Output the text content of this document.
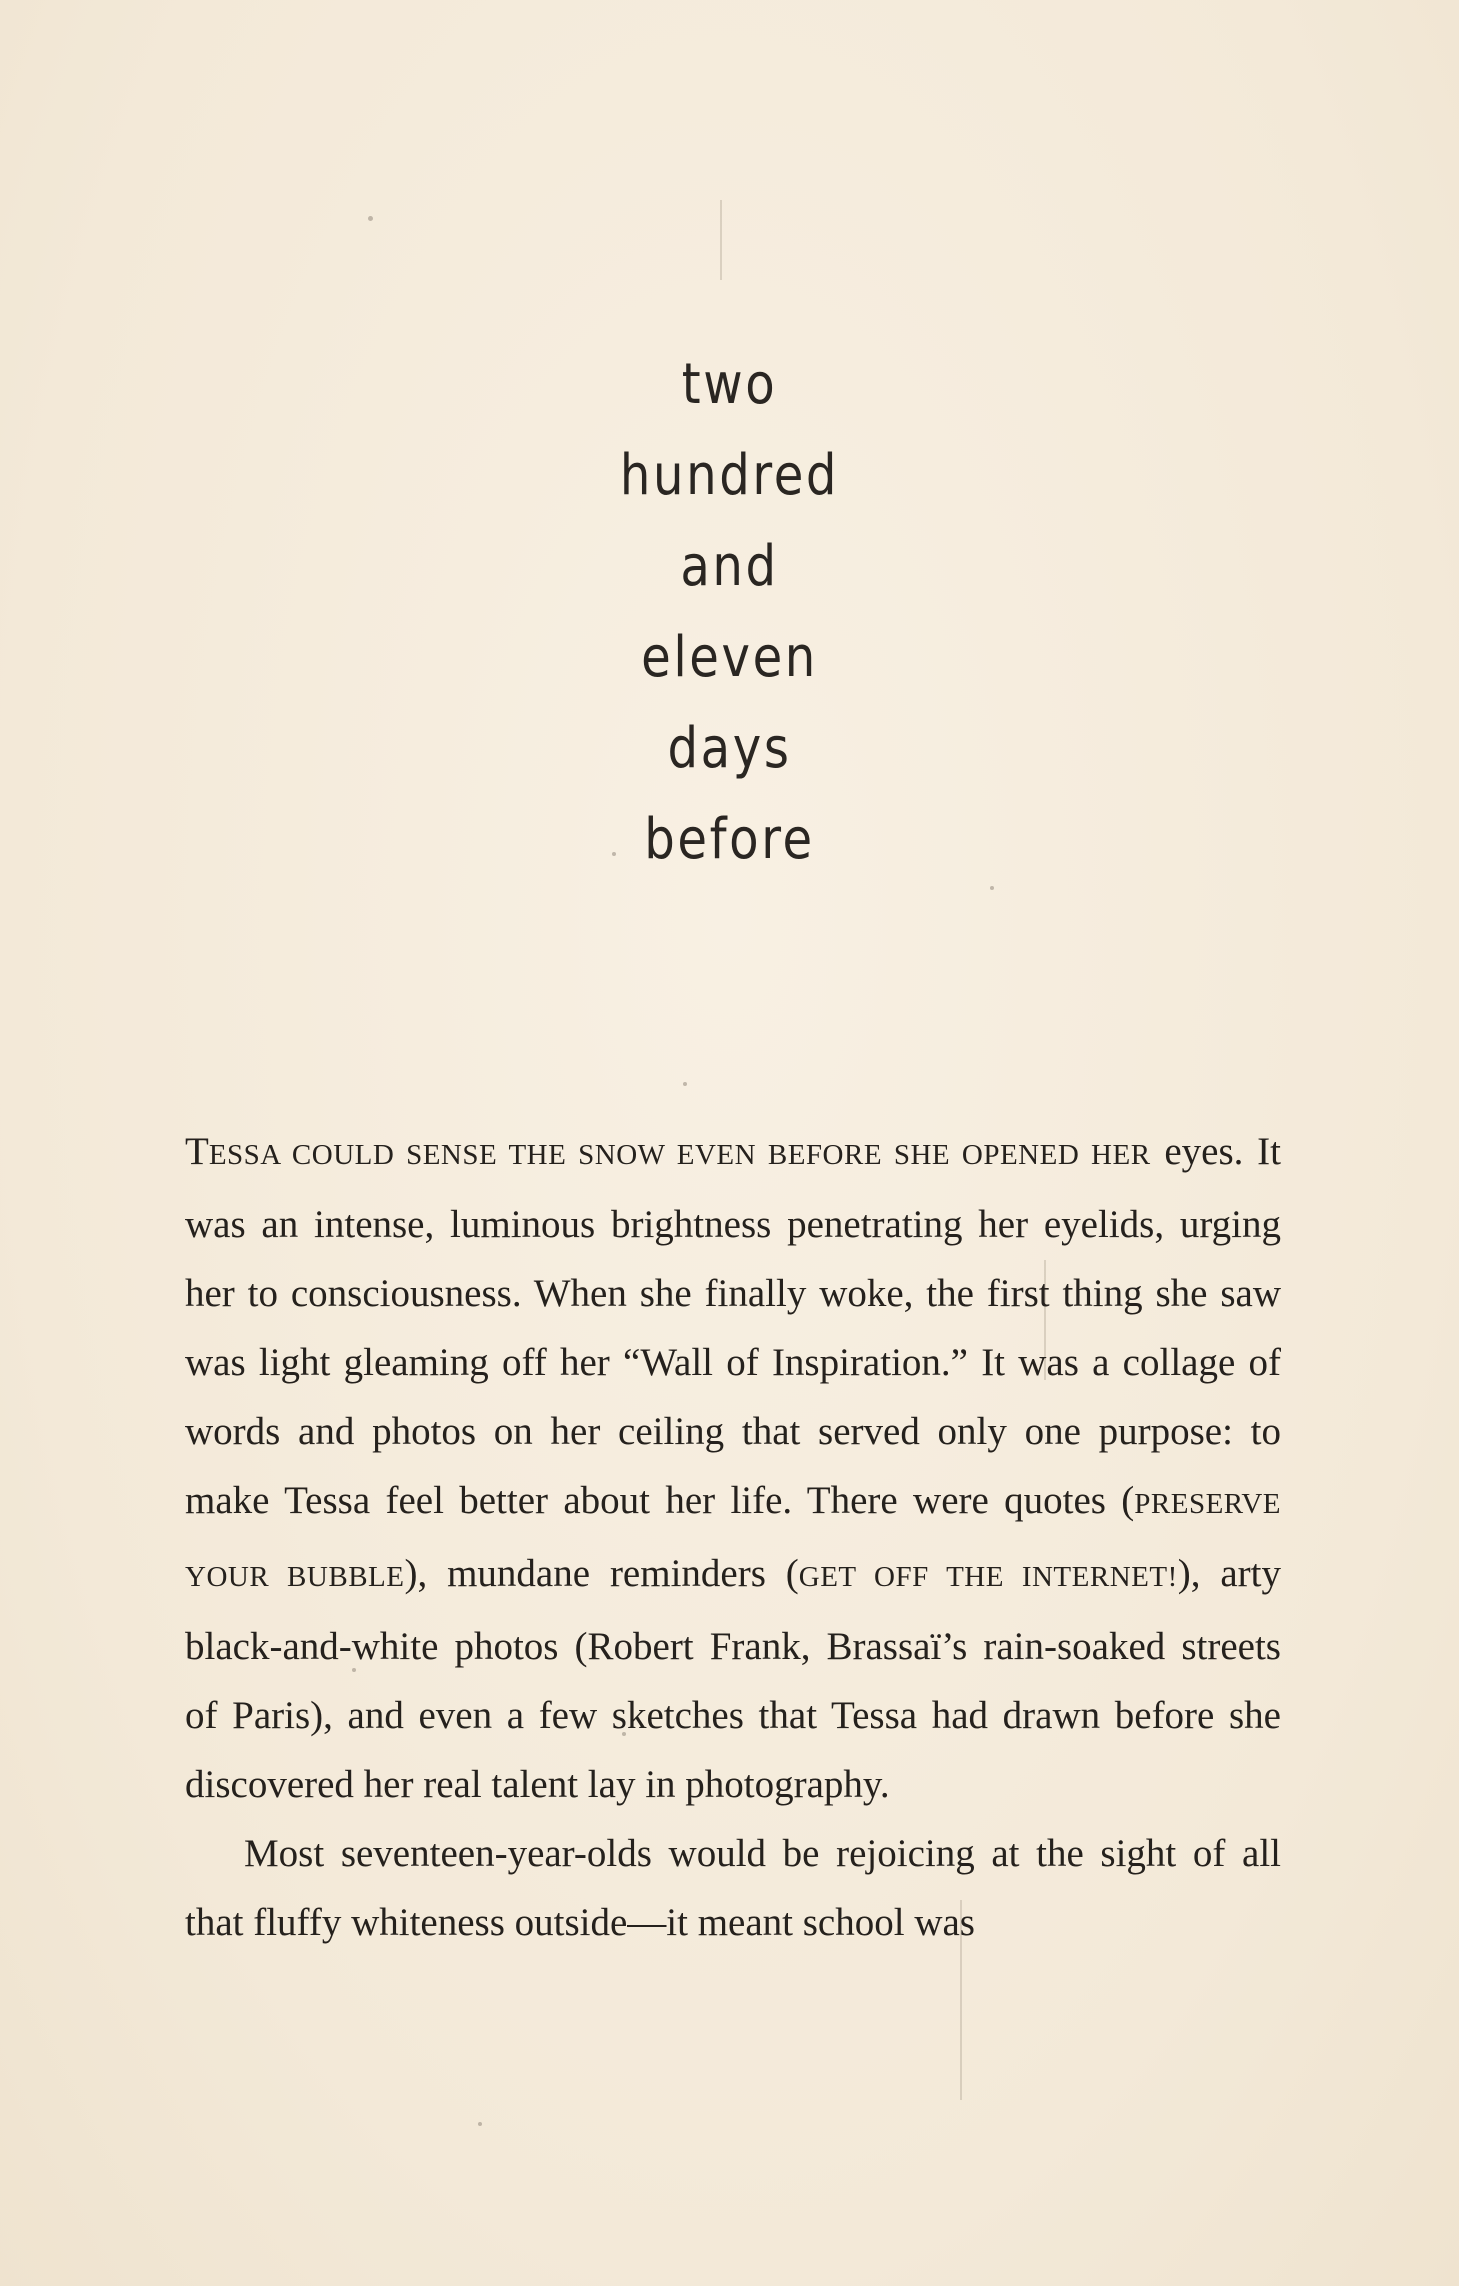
two
hundred
and
eleven
days
before

TESSA COULD SENSE THE SNOW EVEN BEFORE SHE OPENED HER eyes. It was an intense, luminous brightness penetrating her eyelids, urging her to consciousness. When she finally woke, the first thing she saw was light gleaming off her “Wall of Inspiration.” It was a collage of words and photos on her ceiling that served only one purpose: to make Tessa feel better about her life. There were quotes (PRESERVE YOUR BUBBLE), mundane reminders (GET OFF THE INTERNET!), arty black-and-white photos (Robert Frank, Brassaï’s rain-soaked streets of Paris), and even a few sketches that Tessa had drawn before she discovered her real talent lay in photography.

Most seventeen-year-olds would be rejoicing at the sight of all that fluffy whiteness outside—it meant school was
